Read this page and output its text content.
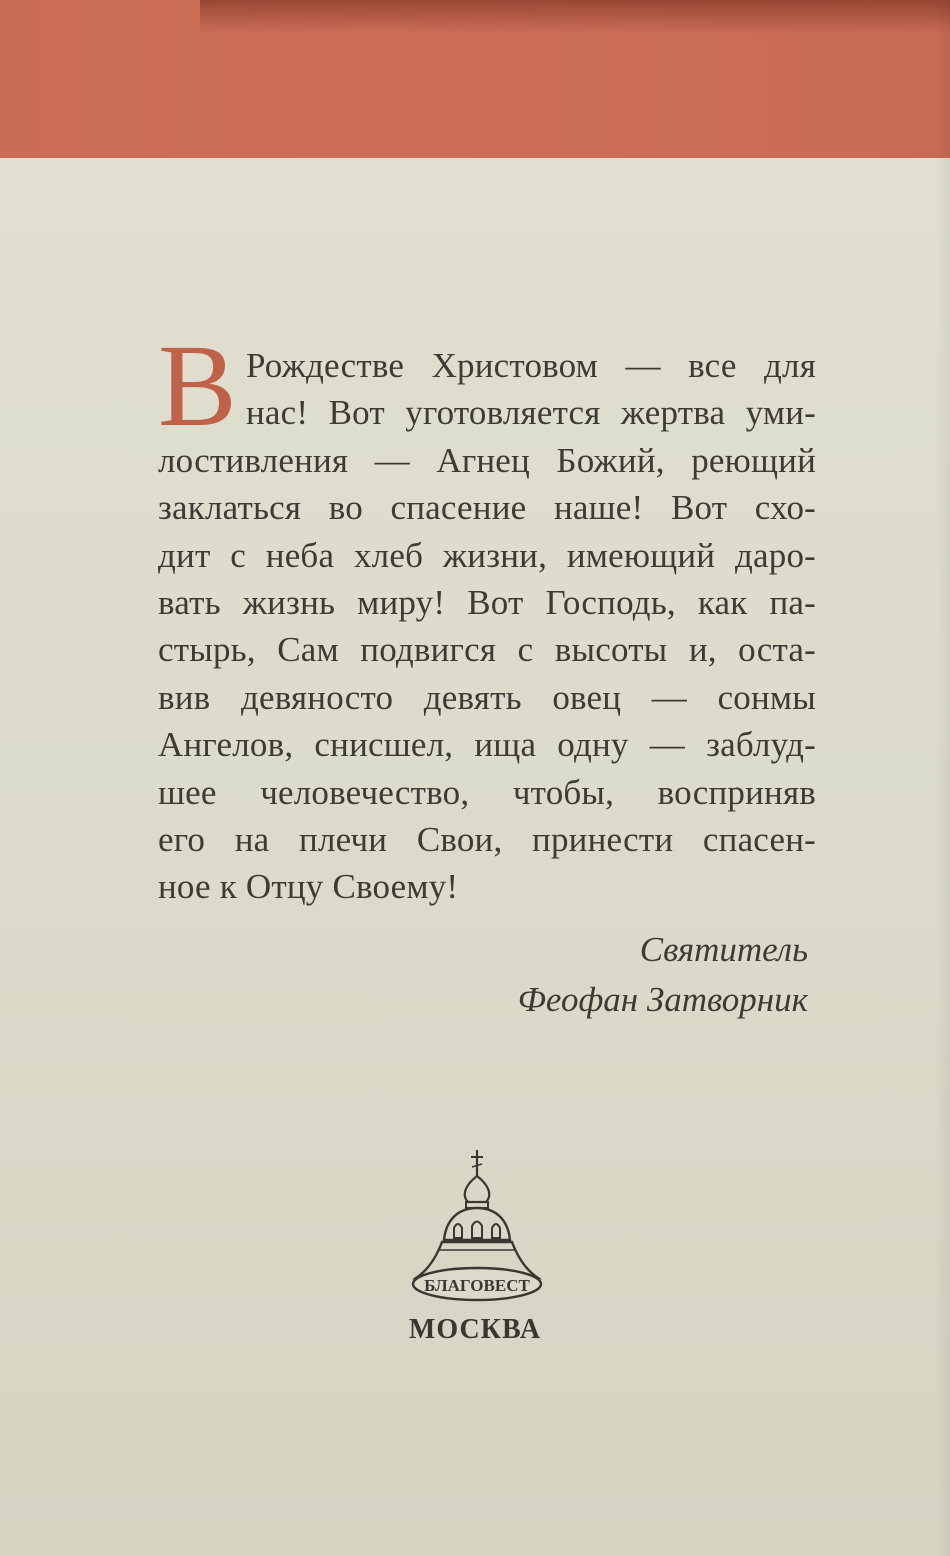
В Рождестве Христовом — все для
нас! Вот уготовляется жертва уми-
лостивления — Агнец Божий, реющий
заклаться во спасение наше! Вот схо-
дит с неба хлеб жизни, имеющий даро-
вать жизнь миру! Вот Господь, как па-
стырь, Сам подвигся с высоты и, оста-
вив девяносто девять овец — сонмы
Ангелов, снисшел, ища одну — заблуд-
шее человечество, чтобы, восприняв
его на плечи Свои, принести спасен-
ное к Отцу Своему!
Святитель
Феофан Затворник
БЛАГОВЕСТ
МОСКВА
